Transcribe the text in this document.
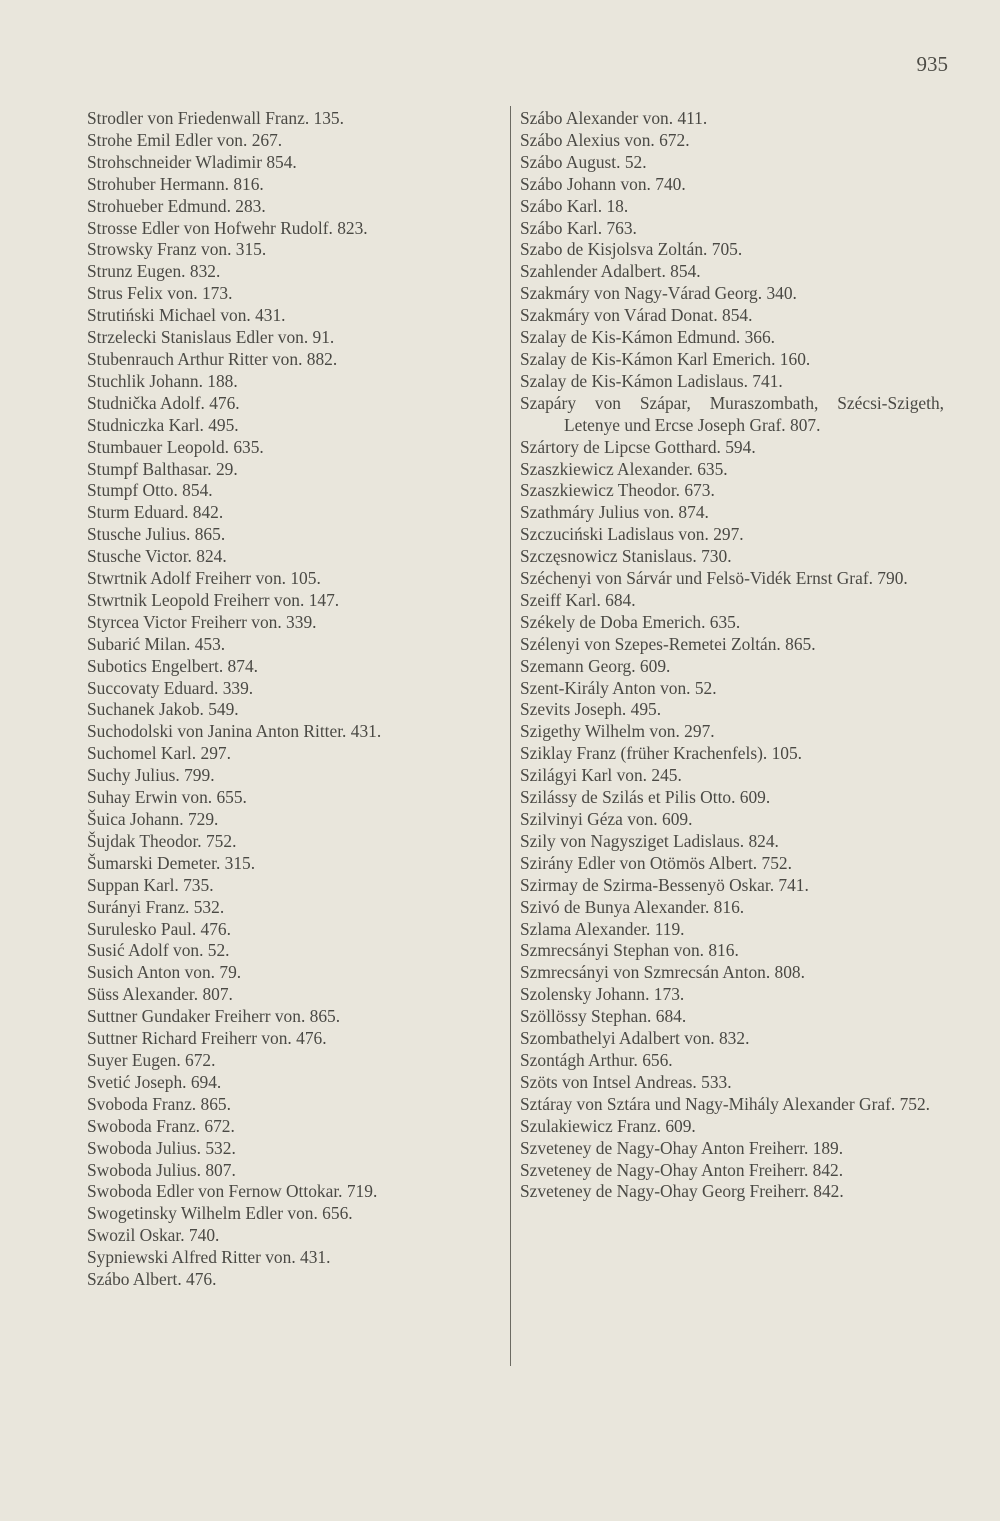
935
Strodler von Friedenwall Franz. 135.
Strohe Emil Edler von. 267.
Strohschneider Wladimir 854.
Strohuber Hermann. 816.
Strohueber Edmund. 283.
Strosse Edler von Hofwehr Rudolf. 823.
Strowsky Franz von. 315.
Strunz Eugen. 832.
Strus Felix von. 173.
Strutiński Michael von. 431.
Strzelecki Stanislaus Edler von. 91.
Stubenrauch Arthur Ritter von. 882.
Stuchlik Johann. 188.
Studnička Adolf. 476.
Studniczka Karl. 495.
Stumbauer Leopold. 635.
Stumpf Balthasar. 29.
Stumpf Otto. 854.
Sturm Eduard. 842.
Stusche Julius. 865.
Stusche Victor. 824.
Stwrtnik Adolf Freiherr von. 105.
Stwrtnik Leopold Freiherr von. 147.
Styrcea Victor Freiherr von. 339.
Subarić Milan. 453.
Subotics Engelbert. 874.
Succovaty Eduard. 339.
Suchanek Jakob. 549.
Suchodolski von Janina Anton Ritter. 431.
Suchomel Karl. 297.
Suchy Julius. 799.
Suhay Erwin von. 655.
Šuica Johann. 729.
Šujdak Theodor. 752.
Šumarski Demeter. 315.
Suppan Karl. 735.
Surányi Franz. 532.
Surulesko Paul. 476.
Susić Adolf von. 52.
Susich Anton von. 79.
Süss Alexander. 807.
Suttner Gundaker Freiherr von. 865.
Suttner Richard Freiherr von. 476.
Suyer Eugen. 672.
Svetić Joseph. 694.
Svoboda Franz. 865.
Swoboda Franz. 672.
Swoboda Julius. 532.
Swoboda Julius. 807.
Swoboda Edler von Fernow Ottokar. 719.
Swogetinsky Wilhelm Edler von. 656.
Swozil Oskar. 740.
Sypniewski Alfred Ritter von. 431.
Szábo Albert. 476.
Szábo Alexander von. 411.
Szábo Alexius von. 672.
Szábo August. 52.
Szábo Johann von. 740.
Szábo Karl. 18.
Szábo Karl. 763.
Szabo de Kisjolsva Zoltán. 705.
Szahlender Adalbert. 854.
Szakmáry von Nagy-Várad Georg. 340.
Szakmáry von Várad Donat. 854.
Szalay de Kis-Kámon Edmund. 366.
Szalay de Kis-Kámon Karl Emerich. 160.
Szalay de Kis-Kámon Ladislaus. 741.
Szapáry von Szápar, Muraszombath, Szécsi-Szigeth, Letenye und Ercse Joseph Graf. 807.
Szártory de Lipcse Gotthard. 594.
Szaszkiewicz Alexander. 635.
Szaszkiewicz Theodor. 673.
Szathmáry Julius von. 874.
Szczuciński Ladislaus von. 297.
Szczęsnowicz Stanislaus. 730.
Széchenyi von Sárvár und Felsö-Vidék Ernst Graf. 790.
Szeiff Karl. 684.
Székely de Doba Emerich. 635.
Szélenyi von Szepes-Remetei Zoltán. 865.
Szemann Georg. 609.
Szent-Király Anton von. 52.
Szevits Joseph. 495.
Szigethy Wilhelm von. 297.
Sziklay Franz (früher Krachenfels). 105.
Szilágyi Karl von. 245.
Szilássy de Szilás et Pilis Otto. 609.
Szilvinyi Géza von. 609.
Szily von Nagysziget Ladislaus. 824.
Szirány Edler von Otömös Albert. 752.
Szirmay de Szirma-Bessenyö Oskar. 741.
Szivó de Bunya Alexander. 816.
Szlama Alexander. 119.
Szmrecsányi Stephan von. 816.
Szmrecsányi von Szmrecsán Anton. 808.
Szolensky Johann. 173.
Szöllössy Stephan. 684.
Szombathelyi Adalbert von. 832.
Szontágh Arthur. 656.
Szöts von Intsel Andreas. 533.
Sztáray von Sztára und Nagy-Mihály Alexander Graf. 752.
Szulakiewicz Franz. 609.
Szveteney de Nagy-Ohay Anton Freiherr. 189.
Szveteney de Nagy-Ohay Anton Freiherr. 842.
Szveteney de Nagy-Ohay Georg Freiherr. 842.
